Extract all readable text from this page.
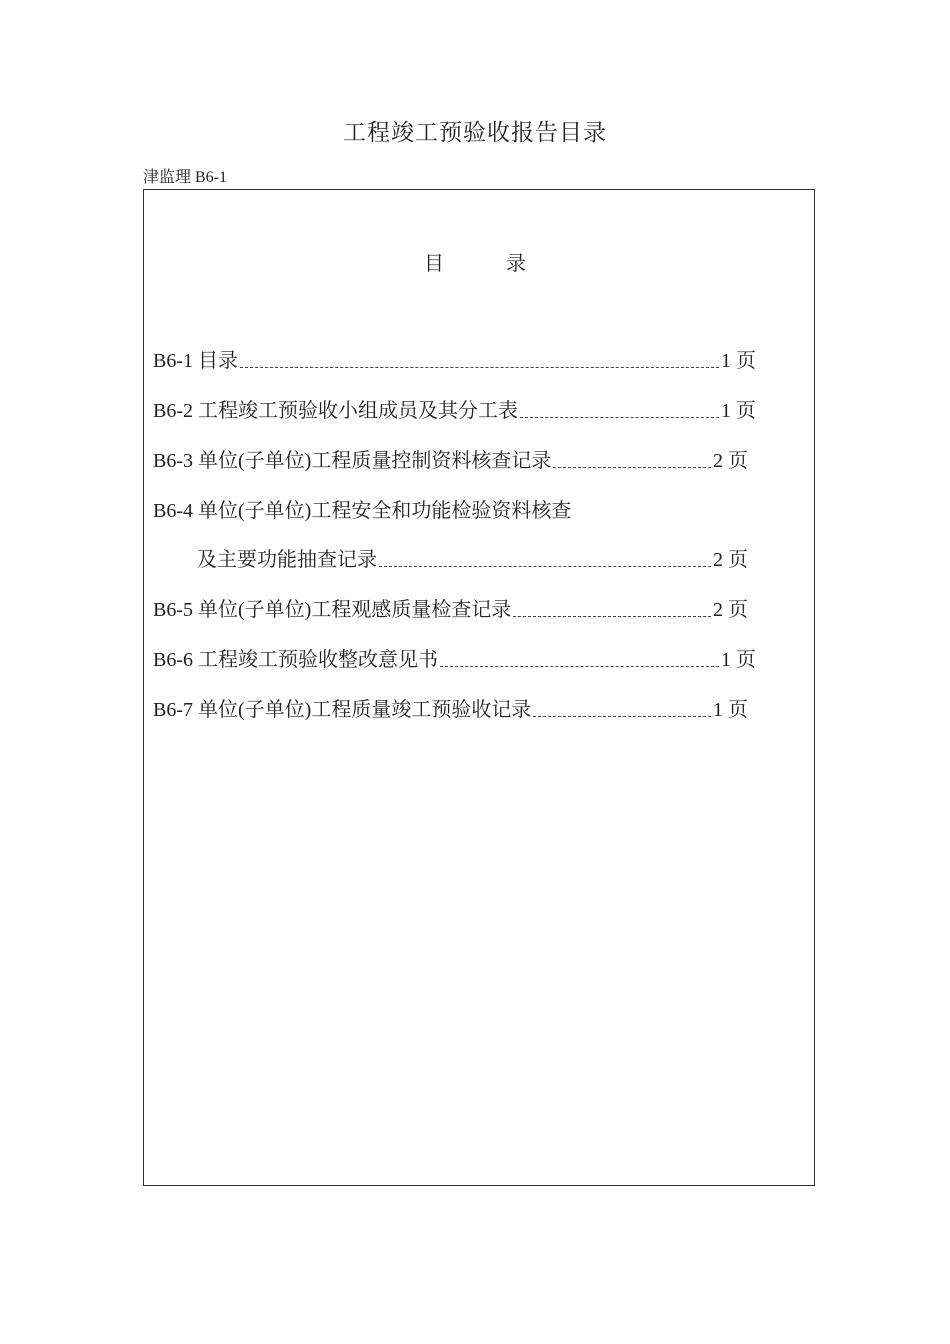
工程竣工预验收报告目录
津监理 B6-1
目	录
B6-1 目录	1 页
B6-2 工程竣工预验收小组成员及其分工表	1 页
B6-3 单位(子单位)工程质量控制资料核查记录	2 页
B6-4 单位(子单位)工程安全和功能检验资料核查
及主要功能抽查记录	2 页
B6-5 单位(子单位)工程观感质量检查记录	2 页
B6-6 工程竣工预验收整改意见书	1 页
B6-7 单位(子单位)工程质量竣工预验收记录	1 页
